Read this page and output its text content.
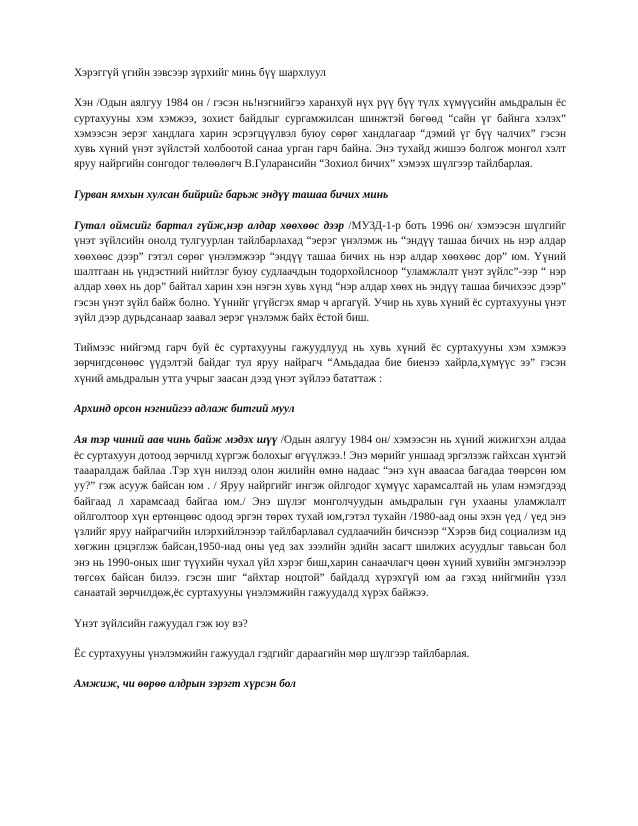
Хэрэггүй үгийн зэвсээр зүрхийг минь бүү шархлуул

Хэн /Одын аялгуу 1984 он / гэсэн нь!нэгнийгээ харанхуй нүх рүү бүү түлх хүмүүсийн амьдралын ёс суртахууны хэм хэмжээ, зохист байдлыг сургамжилсан шинжтэй бөгөөд “сайн үг байнга хэлэх” хэмээсэн эерэг хандлага харин эсрэгцүүлвэл буюу сөрөг хандлагаар “дэмий үг бүү чалчих” гэсэн хувь хүний үнэт зүйлстэй холбоотой санаа урган гарч байна. Энэ тухайд жишээ болгож монгол хэлт яруу найргийн сонгодог төлөөлөгч В.Гуларансийн “Зохиол бичих” хэмээх шүлгээр тайлбарлая.

Гурван ямхын хулсан бийрийг барьж эндүү ташаа бичих минь

Гутал оймсийг бартал гүйж,нэр алдар хөөхөөс дээр /МУЗД-1-р боть 1996 он/ хэмээсэн шүлгийг үнэт зүйлсийн онолд тулгуурлан тайлбарлахад “эерэг үнэлэмж нь “эндүү ташаа бичих нь нэр алдар хөөхөөс дээр” гэтэл сөрөг үнэлэмжээр “эндүү ташаа бичих нь нэр алдар хөөхөөс дор” юм. Үүний шалтгаан нь үндэстний нийтлэг буюу судлаачдын тодорхойлсноор “уламжлалт үнэт зүйлс”-ээр “ нэр алдар хөөх нь дор” байтал харин хэн нэгэн хувь хүнд “нэр алдар хөөх нь эндүү ташаа бичихээс дээр” гэсэн үнэт зүйл байж болно. Үүнийг үгүйсгэх ямар ч аргагүй. Учир нь хувь хүний ёс суртахууны үнэт зүйл дээр дурьдсанаар заавал эерэг үнэлэмж байх ёстой биш.

Тиймээс нийгэмд гарч буй ёс суртахууны гажуудлууд нь хувь хүний ёс суртахууны хэм хэмжээ зөрчигдсөнөөс үүдэлтэй байдаг тул яруу найрагч “Амьдадаа бие биенээ хайрла,хүмүүс ээ” гэсэн хүний амьдралын утга учрыг заасан дээд үнэт зүйлээ бататтаж :

Архинд орсон нэгнийгээ адлаж битгий муул

Ая тэр чиний аав чинь байж мэдэх шүү /Одын аялгуу 1984 он/ хэмээсэн нь хүний жижигхэн алдаа ёс суртахуун дотоод зөрчилд хүргэж болохыг өгүүлжээ.! Энэ мөрийг уншаад эргэлзэж гайхсан хүнтэй таааралдаж байлаа .Тэр хүн нилээд олон жилийн өмнө надаас “энэ хүн аваасаа багадаа төөрсөн юм уу?” гэж асууж байсан юм . / Яруу найргийг ингэж ойлгодог хүмүүс харамсалтай нь улам нэмэгдээд байгаад л харамсаад байгаа юм./ Энэ шүлэг монголчуудын амьдралын гүн ухааны уламжлалт ойлголтоор хүн ертөнцөөс одоод эргэн төрөх тухай юм,гэтэл тухайн /1980-аад оны эхэн үед / үед энэ үзлийг яруу найрагчийн илэрхийлэнээр тайлбарлавал судлаачийн бичснээр “Хэрэв бид социализм ид хөгжин цэцэглэж байсан,1950-иад оны үед зах зээлийн эдийн засагт шилжих асуудлыг тавьсан бол энэ нь 1990-оных шиг түүхийн чухал үйл хэрэг биш,харин санаачлагч цөөн хүний хувийн эмгэнэлээр төгсөх байсан билээ. гэсэн шиг “айхтар ноцтой” байдалд хүрэхгүй юм аа гэхэд нийгмийн үзэл санаатай зөрчилдөж,ёс суртахууны үнэлэмжийн гажуудалд хүрэх байжээ.

Үнэт зүйлсийн гажуудал гэж юу вэ?

Ёс суртахууны үнэлэмжийн гажуудал гэдгийг дараагийн мөр шүлгээр тайлбарлая.

Амжиж, чи өөрөө алдрын зэрэгт хүрсэн бол
